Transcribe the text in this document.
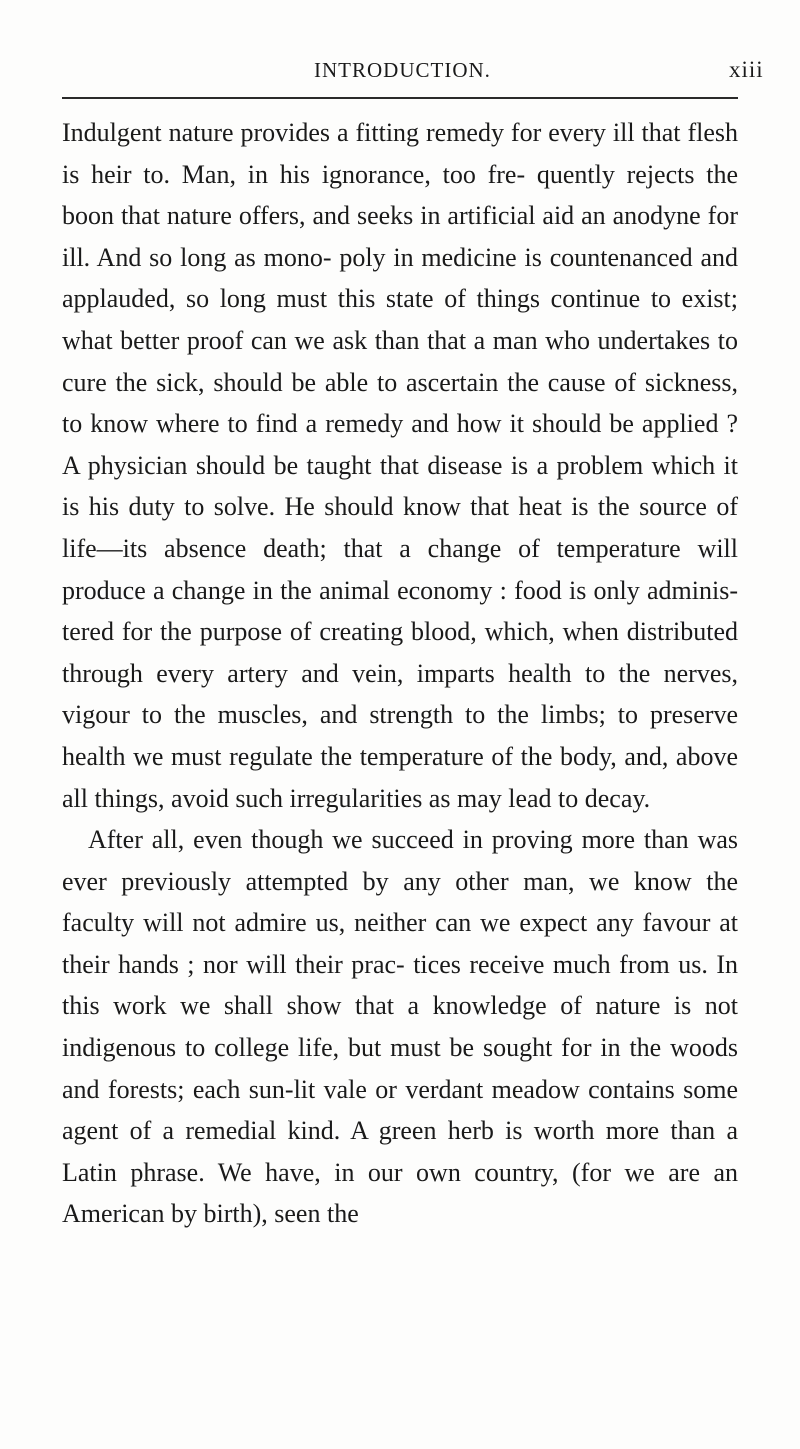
INTRODUCTION.	xiii

Indulgent nature provides a fitting remedy for every ill that flesh is heir to. Man, in his ignorance, too fre- quently rejects the boon that nature offers, and seeks in artificial aid an anodyne for ill. And so long as mono- poly in medicine is countenanced and applauded, so long must this state of things continue to exist; what better proof can we ask than that a man who undertakes to cure the sick, should be able to ascertain the cause of sickness, to know where to find a remedy and how it should be applied ? A physician should be taught that disease is a problem which it is his duty to solve. He should know that heat is the source of life—its absence death; that a change of temperature will produce a change in the animal economy : food is only adminis- tered for the purpose of creating blood, which, when distributed through every artery and vein, imparts health to the nerves, vigour to the muscles, and strength to the limbs; to preserve health we must regulate the temperature of the body, and, above all things, avoid such irregularities as may lead to decay.

After all, even though we succeed in proving more than was ever previously attempted by any other man, we know the faculty will not admire us, neither can we expect any favour at their hands ; nor will their prac- tices receive much from us. In this work we shall show that a knowledge of nature is not indigenous to college life, but must be sought for in the woods and forests; each sun-lit vale or verdant meadow contains some agent of a remedial kind. A green herb is worth more than a Latin phrase. We have, in our own country, (for we are an American by birth), seen the
